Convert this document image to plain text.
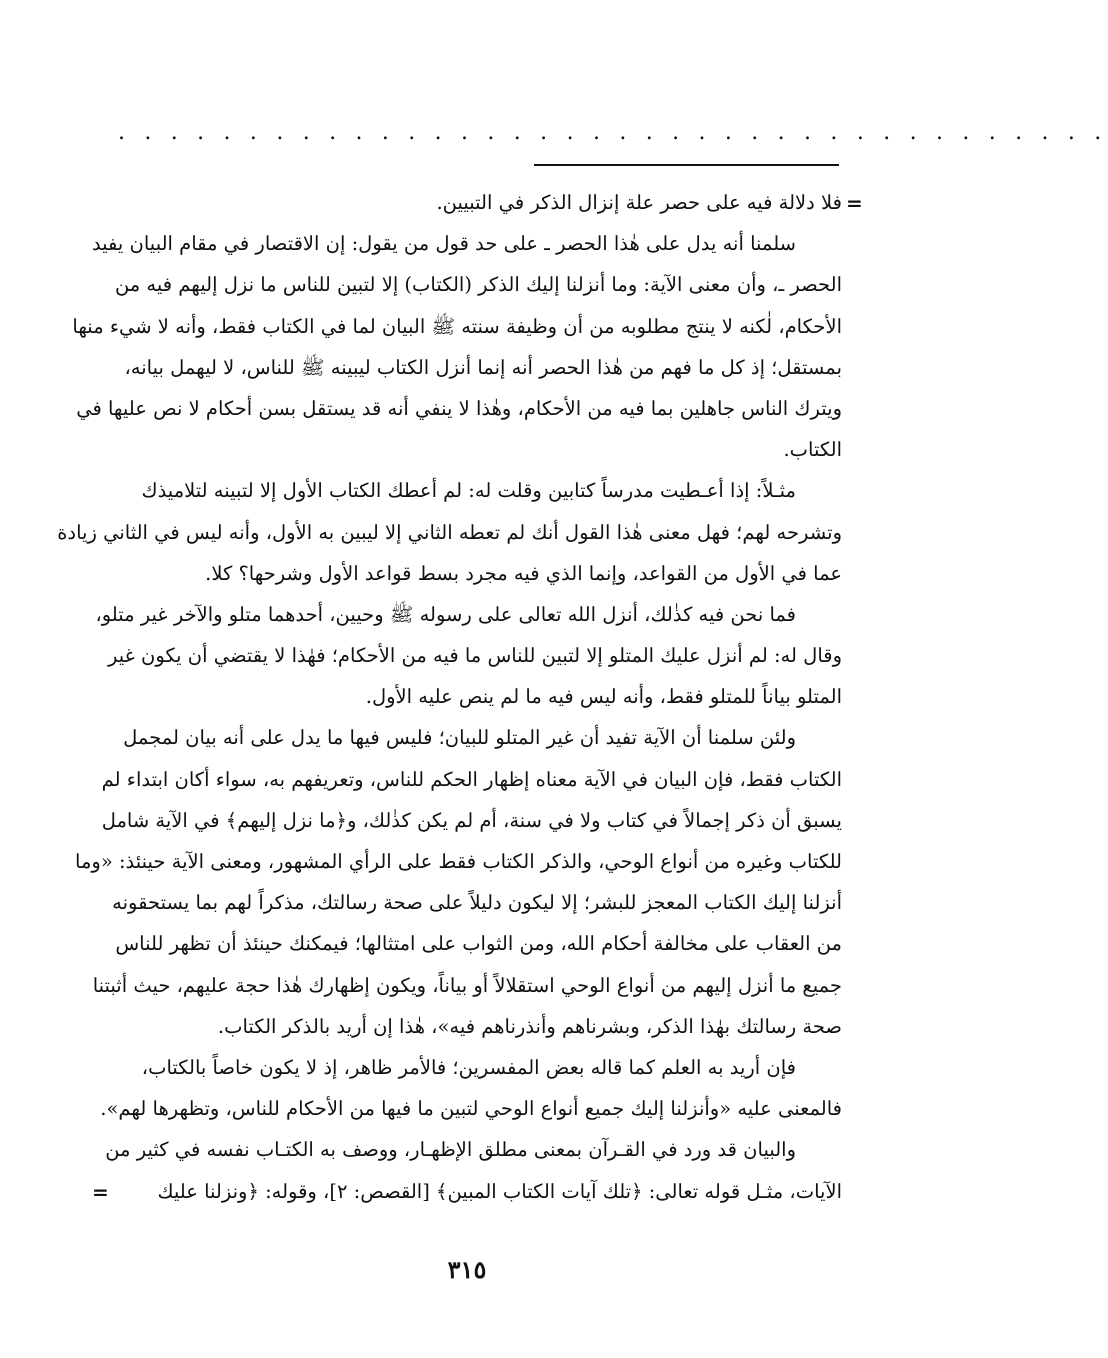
. . . . . . . . . . . . . . . . . . . . . . . . . . . . . . . . . . . . . .
=
فلا دلالة فيه على حصر علة إنزال الذكر في التبيين.
سلمنا أنه يدل على هٰذا الحصر ـ على حد قول من يقول: إن الاقتصار في مقام البيان يفيد
الحصر ـ، وأن معنى الآية: وما أنزلنا إليك الذكر (الكتاب) إلا لتبين للناس ما نزل إليهم فيه من
الأحكام، لٰكنه لا ينتج مطلوبه من أن وظيفة سنته ﷺ البيان لما في الكتاب فقط، وأنه لا شيء منها
بمستقل؛ إذ كل ما فهم من هٰذا الحصر أنه إنما أنزل الكتاب ليبينه ﷺ للناس، لا ليهمل بيانه،
ويترك الناس جاهلين بما فيه من الأحكام، وهٰذا لا ينفي أنه قد يستقل بسن أحكام لا نص عليها في
الكتاب.
مثـلاً: إذا أعـطيت مدرساً كتابين وقلت له: لم أعطك الكتاب الأول إلا لتبينه لتلاميذك
وتشرحه لهم؛ فهل معنى هٰذا القول أنك لم تعطه الثاني إلا ليبين به الأول، وأنه ليس في الثاني زيادة
عما في الأول من القواعد، وإنما الذي فيه مجرد بسط قواعد الأول وشرحها؟ كلا.
فما نحن فيه كذٰلك، أنزل الله تعالى على رسوله ﷺ وحيين، أحدهما متلو والآخر غير متلو،
وقال له: لم أنزل عليك المتلو إلا لتبين للناس ما فيه من الأحكام؛ فهٰذا لا يقتضي أن يكون غير
المتلو بياناً للمتلو فقط، وأنه ليس فيه ما لم ينص عليه الأول.
ولئن سلمنا أن الآية تفيد أن غير المتلو للبيان؛ فليس فيها ما يدل على أنه بيان لمجمل
الكتاب فقط، فإن البيان في الآية معناه إظهار الحكم للناس، وتعريفهم به، سواء أكان ابتداء لم
يسبق أن ذكر إجمالاً في كتاب ولا في سنة، أم لم يكن كذٰلك، و﴿ما نزل إليهم﴾ في الآية شامل
للكتاب وغيره من أنواع الوحي، والذكر الكتاب فقط على الرأي المشهور، ومعنى الآية حينئذ: «وما
أنزلنا إليك الكتاب المعجز للبشر؛ إلا ليكون دليلاً على صحة رسالتك، مذكراً لهم بما يستحقونه
من العقاب على مخالفة أحكام الله، ومن الثواب على امتثالها؛ فيمكنك حينئذ أن تظهر للناس
جميع ما أنزل إليهم من أنواع الوحي استقلالاً أو بياناً، ويكون إظهارك هٰذا حجة عليهم، حيث أثبتنا
صحة رسالتك بهٰذا الذكر، وبشرناهم وأنذرناهم فيه»، هٰذا إن أريد بالذكر الكتاب.
فإن أريد به العلم كما قاله بعض المفسرين؛ فالأمر ظاهر، إذ لا يكون خاصاً بالكتاب،
فالمعنى عليه «وأنزلنا إليك جميع أنواع الوحي لتبين ما فيها من الأحكام للناس، وتظهرها لهم».
والبيان قد ورد في القـرآن بمعنى مطلق الإظهـار، ووصف به الكتـاب نفسه في كثير من
الآيات، مثـل قوله تعالى: ﴿تلك آيات الكتاب المبين﴾ [القصص: ٢]، وقوله: ﴿ونزلنا عليك
=
٣١٥
